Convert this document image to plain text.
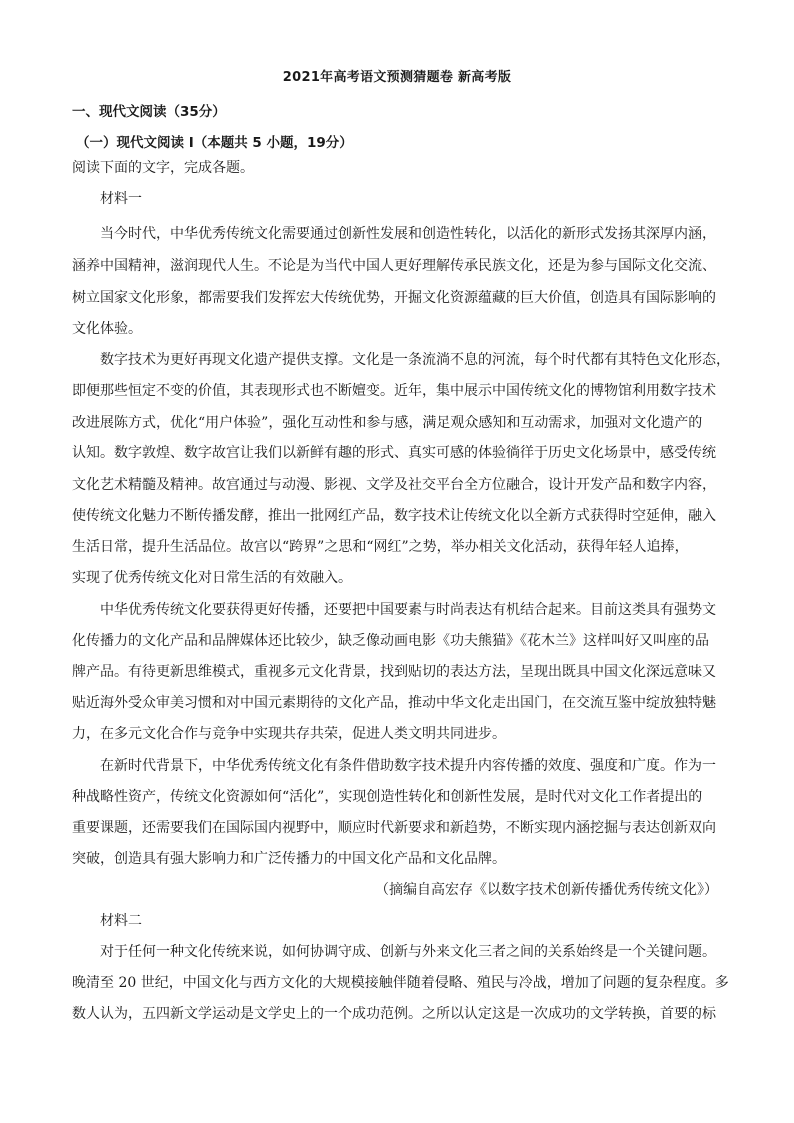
2021年高考语文预测猜题卷 新高考版
一、现代文阅读（35分）
（一）现代文阅读 I（本题共 5 小题，19分）
阅读下面的文字，完成各题。
材料一
当今时代，中华优秀传统文化需要通过创新性发展和创造性转化，以活化的新形式发扬其深厚内涵，
涵养中国精神，滋润现代人生。不论是为当代中国人更好理解传承民族文化，还是为参与国际文化交流、
树立国家文化形象，都需要我们发挥宏大传统优势，开掘文化资源蕴藏的巨大价值，创造具有国际影响的
文化体验。
数字技术为更好再现文化遗产提供支撑。文化是一条流淌不息的河流，每个时代都有其特色文化形态，
即便那些恒定不变的价值，其表现形式也不断嬗变。近年，集中展示中国传统文化的博物馆利用数字技术
改进展陈方式，优化“用户体验”，强化互动性和参与感，满足观众感知和互动需求，加强对文化遗产的
认知。数字敦煌、数字故宫让我们以新鲜有趣的形式、真实可感的体验徜徉于历史文化场景中，感受传统
文化艺术精髓及精神。故宫通过与动漫、影视、文学及社交平台全方位融合，设计开发产品和数字内容，
使传统文化魅力不断传播发酵，推出一批网红产品，数字技术让传统文化以全新方式获得时空延伸，融入
生活日常，提升生活品位。故宫以“跨界”之思和“网红”之势，举办相关文化活动，获得年轻人追捧，
实现了优秀传统文化对日常生活的有效融入。
中华优秀传统文化要获得更好传播，还要把中国要素与时尚表达有机结合起来。目前这类具有强势文
化传播力的文化产品和品牌媒体还比较少，缺乏像动画电影《功夫熊猫》《花木兰》这样叫好又叫座的品
牌产品。有待更新思维模式，重视多元文化背景，找到贴切的表达方法，呈现出既具中国文化深远意味又
贴近海外受众审美习惯和对中国元素期待的文化产品，推动中华文化走出国门，在交流互鉴中绽放独特魅
力，在多元文化合作与竞争中实现共存共荣，促进人类文明共同进步。
在新时代背景下，中华优秀传统文化有条件借助数字技术提升内容传播的效度、强度和广度。作为一
种战略性资产，传统文化资源如何“活化”，实现创造性转化和创新性发展，是时代对文化工作者提出的
重要课题，还需要我们在国际国内视野中，顺应时代新要求和新趋势，不断实现内涵挖掘与表达创新双向
突破，创造具有强大影响力和广泛传播力的中国文化产品和文化品牌。
（摘编自高宏存《以数字技术创新传播优秀传统文化》）
材料二
对于任何一种文化传统来说，如何协调守成、创新与外来文化三者之间的关系始终是一个关键问题。
晚清至 20 世纪，中国文化与西方文化的大规模接触伴随着侵略、殖民与冷战，增加了问题的复杂程度。多
数人认为，五四新文学运动是文学史上的一个成功范例。之所以认定这是一次成功的文学转换，首要的标
